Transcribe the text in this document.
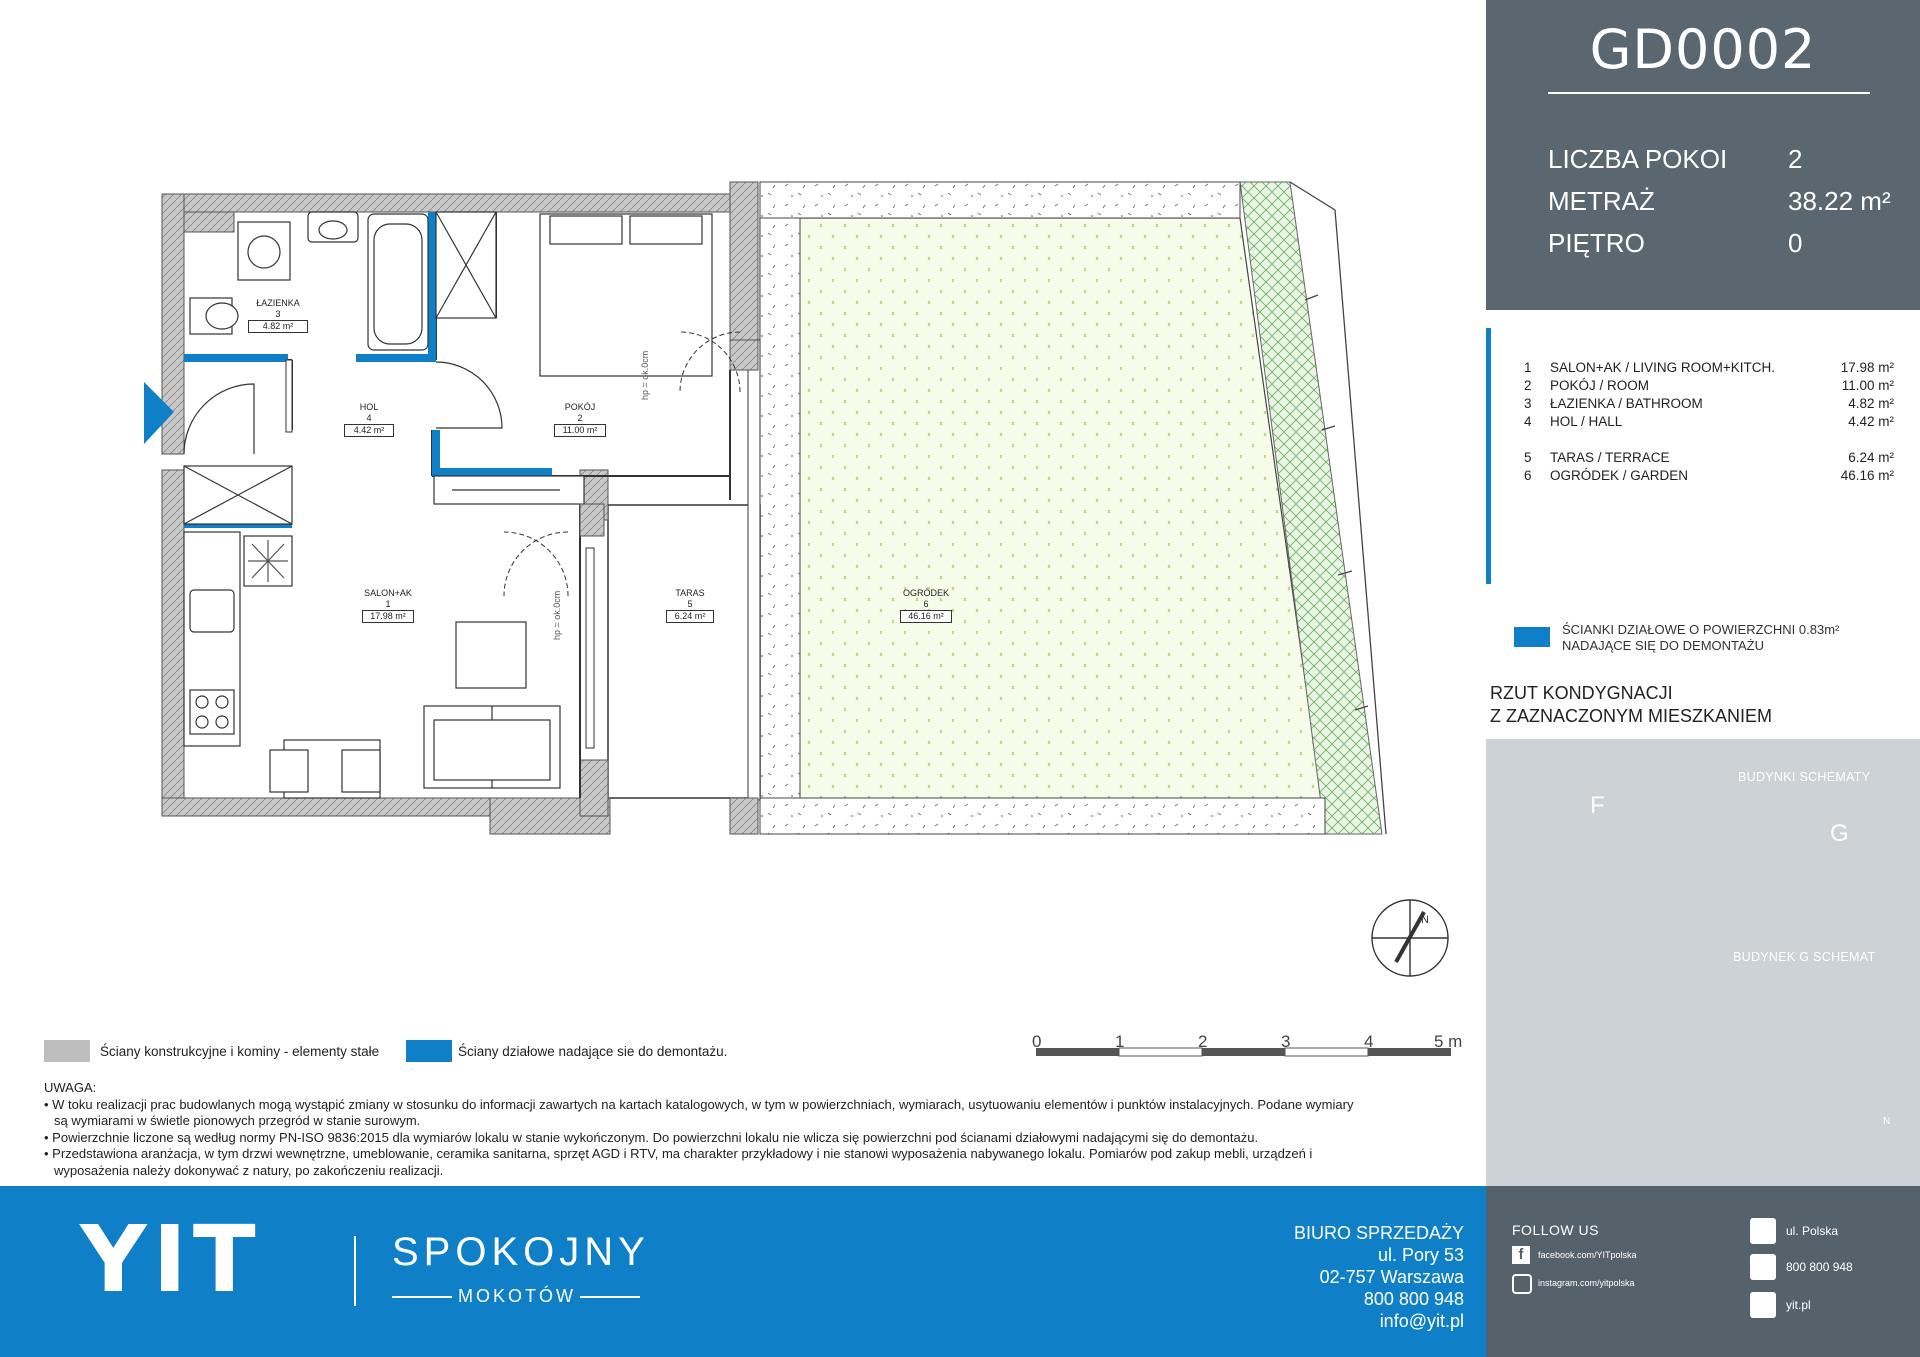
ŁAZIENKA
3
4.82 m²
HOL
4
4.42 m²
POKÓJ
2
11.00 m²
SALON+AK
1
17.98 m²
TARAS
5
6.24 m²
OGRÓDEK
6
46.16 m²
hp = ok.0cm
hp = ok.0cm
N
GD0002
LICZBA POKOI 2
METRAŻ	38.22 m²
PIĘTRO	0
1 SALON+AK / LIVING ROOM+KITCH.	17.98 m²
2 POKÓJ / ROOM	11.00 m²
3 ŁAZIENKA / BATHROOM	4.82 m²
4 HOL / HALL	4.42 m²
5 TARAS / TERRACE	6.24 m²
6 OGRÓDEK / GARDEN	46.16 m²
ŚCIANKI DZIAŁOWE O POWIERZCHNI 0.83m² NADAJĄCE SIĘ DO DEMONTAŻU
RZUT KONDYGNACJI
Z ZAZNACZONYM MIESZKANIEM
BUDYNKI SCHEMATY
BUDYNEK G SCHEMAT
F
G
N
Ściany konstrukcyjne i kominy - elementy stałe	Ściany działowe nadające sie do demontażu.
0	1	2	3	4	5 m

UWAGA:

• W toku realizacji prac budowlanych mogą wystąpić zmiany w stosunku do informacji zawartych na kartach katalogowych, w tym w powierzchniach, wymiarach, usytuowaniu elementów i punktów instalacyjnych. Podane wymiary

są wymiarami w świetle pionowych przegród w stanie surowym.

• Powierzchnie liczone są według normy PN-ISO 9836:2015 dla wymiarów lokalu w stanie wykończonym. Do powierzchni lokalu nie wlicza się powierzchni pod ścianami działowymi nadającymi się do demontażu.

• Przedstawiona aranżacja, w tym drzwi wewnętrzne, umeblowanie, ceramika sanitarna, sprzęt AGD i RTV, ma charakter przykładowy i nie stanowi wyposażenia nabywanego lokalu. Pomiarów pod zakup mebli, urządzeń i

wyposażenia należy dokonywać z natury, po zakończeniu realizacji.

YIT	SPOKOJNY
MOKOTÓW
BIURO SPRZEDAŻY
ul. Pory 53
02-757 Warszawa
800 800 948
info@yit.pl
FOLLOW US
f	facebook.com/YITpolska
instagram.com/yitpolska
ul. Polska
800 800 948
yit.pl
